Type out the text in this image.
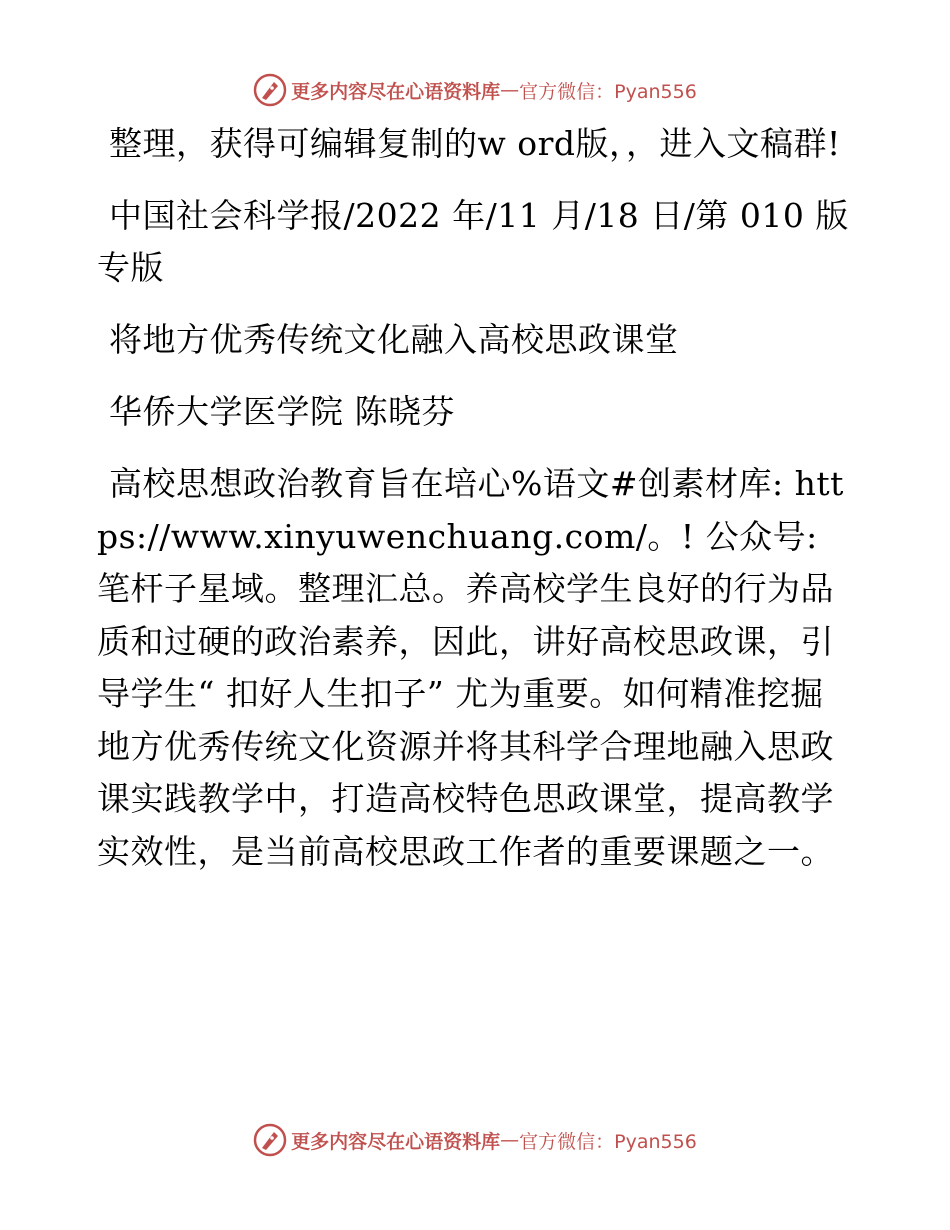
更多内容尽在心语资料库 — 官方微信：Pyan556

整理，获得可编辑复制的w ord版，，进入文稿群!

中国社会科学报/2022 年/11 月/18 日/第 010 版专版

将地方优秀传统文化融入高校思政课堂

华侨大学医学院 陈晓芬

高校思想政治教育旨在培心%语文#创素材库: https://www.xinyuwenchuang.com/。! 公众号: 笔杆子星域。整理汇总。养高校学生良好的行为品质和过硬的政治素养，因此，讲好高校思政课，引导学生“ 扣好人生扣子” 尤为重要。如何精准挖掘地方优秀传统文化资源并将其科学合理地融入思政课实践教学中，打造高校特色思政课堂，提高教学实效性，是当前高校思政工作者的重要课题之一。

更多内容尽在心语资料库 — 官方微信：Pyan556
